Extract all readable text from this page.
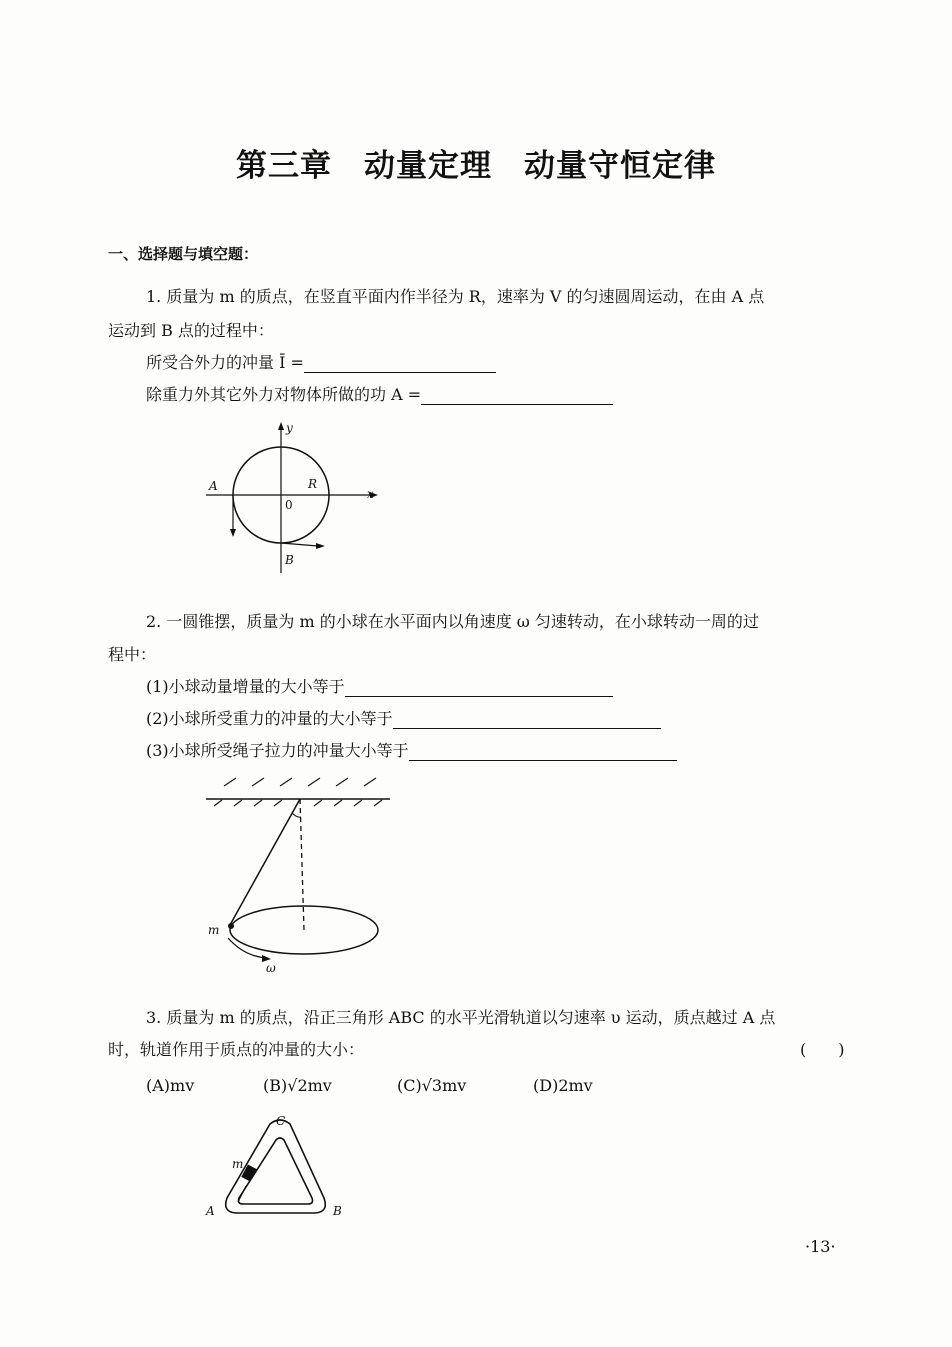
第三章　动量定理　动量守恒定律
一、选择题与填空题：
1. 质量为 m 的质点，在竖直平面内作半径为 R，速率为 V 的匀速圆周运动，在由 A 点
运动到 B 点的过程中：
所受合外力的冲量 Ī =
除重力外其它外力对物体所做的功 A =
A	R
0
x
y
B
2. 一圆锥摆，质量为 m 的小球在水平面内以角速度 ω 匀速转动，在小球转动一周的过
程中：
(1)小球动量增量的大小等于
(2)小球所受重力的冲量的大小等于
(3)小球所受绳子拉力的冲量大小等于
m
ω
3. 质量为 m 的质点，沿正三角形 ABC 的水平光滑轨道以匀速率 υ 运动，质点越过 A 点
时，轨道作用于质点的冲量的大小：	(　　)
(A)mv	(B)√2mv	(C)√3mv	(D)2mv
C
m
A	B
·13·
